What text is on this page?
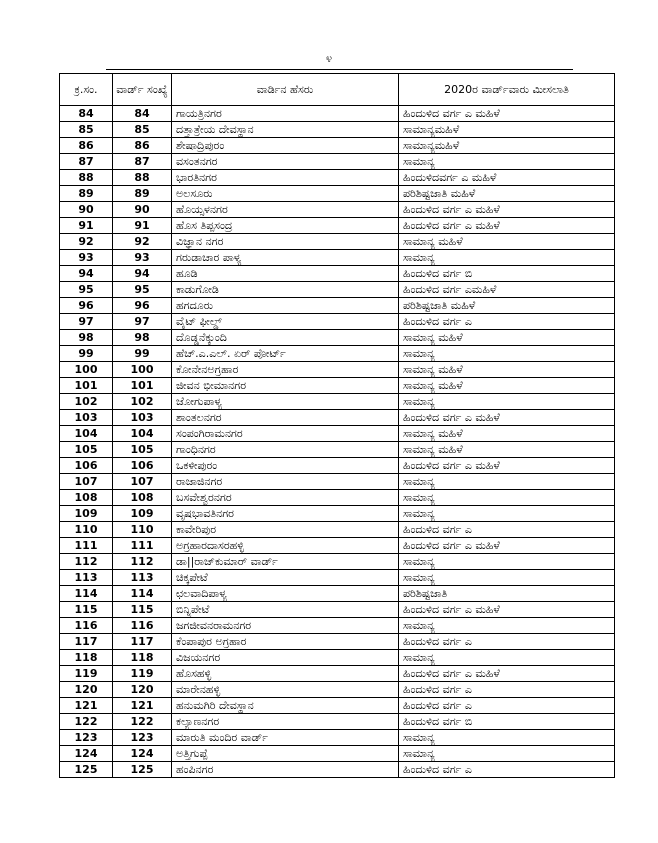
೪
ಕ್ರ.ಸಂ.	ವಾರ್ಡ್ ಸಂಖ್ಯೆ	ವಾರ್ಡಿನ ಹೆಸರು	2020ರ ವಾರ್ಡ್‌ವಾರು ಮೀಸಲಾತಿ
84	84	ಗಾಯತ್ರಿನಗರ	ಹಿಂದುಳಿದ ವರ್ಗ ಎ ಮಹಿಳೆ
85	85	ದತ್ತಾತ್ರೇಯ ದೇವಸ್ಥಾನ	ಸಾಮಾನ್ಯಮಹಿಳೆ
86	86	ಶೇಷಾದ್ರಿಪುರಂ	ಸಾಮಾನ್ಯಮಹಿಳೆ
87	87	ವಸಂತನಗರ	ಸಾಮಾನ್ಯ
88	88	ಭಾರತಿನಗರ	ಹಿಂದುಳಿದವರ್ಗ ಎ ಮಹಿಳೆ
89	89	ಅಲಸೂರು	ಪರಿಶಿಷ್ಟಜಾತಿ ಮಹಿಳೆ
90	90	ಹೊಯ್ಸಳನಗರ	ಹಿಂದುಳಿದ ವರ್ಗ ಎ ಮಹಿಳೆ
91	91	ಹೊಸ ತಿಪ್ಪಸಂದ್ರ	ಹಿಂದುಳಿದ ವರ್ಗ ಎ ಮಹಿಳೆ
92	92	ವಿಜ್ಞಾನ ನಗರ	ಸಾಮಾನ್ಯ ಮಹಿಳೆ
93	93	ಗರುಡಾಚಾರ ಪಾಳ್ಯ	ಸಾಮಾನ್ಯ
94	94	ಹೂಡಿ	ಹಿಂದುಳಿದ ವರ್ಗ ಬಿ
95	95	ಕಾಡುಗೋಡಿ	ಹಿಂದುಳಿದ ವರ್ಗ ಎಮಹಿಳೆ
96	96	ಹಗದೂರು	ಪರಿಶಿಷ್ಟಜಾತಿ ಮಹಿಳೆ
97	97	ವೈಟ್ ಫೀಲ್ಡ್	ಹಿಂದುಳಿದ ವರ್ಗ ಎ
98	98	ದೊಡ್ಡನೆಕ್ಕುಂದಿ	ಸಾಮಾನ್ಯ ಮಹಿಳೆ
99	99	ಹೆಚ್.ಎ.ಎಲ್. ಏರ್ ಪೋರ್ಟ್	ಸಾಮಾನ್ಯ
100	100	ಕೋನೇನಅಗ್ರಹಾರ	ಸಾಮಾನ್ಯ ಮಹಿಳೆ
101	101	ಜೀವನ ಭೀಮಾನಗರ	ಸಾಮಾನ್ಯ ಮಹಿಳೆ
102	102	ಜೋಗುಪಾಳ್ಯ	ಸಾಮಾನ್ಯ
103	103	ಶಾಂತಲನಗರ	ಹಿಂದುಳಿದ ವರ್ಗ ಎ ಮಹಿಳೆ
104	104	ಸಂಪಂಗಿರಾಮನಗರ	ಸಾಮಾನ್ಯ ಮಹಿಳೆ
105	105	ಗಾಂಧಿನಗರ	ಸಾಮಾನ್ಯ ಮಹಿಳೆ
106	106	ಒಕಳೀಪುರಂ	ಹಿಂದುಳಿದ ವರ್ಗ ಎ ಮಹಿಳೆ
107	107	ರಾಜಾಜಿನಗರ	ಸಾಮಾನ್ಯ
108	108	ಬಸವೇಶ್ವರನಗರ	ಸಾಮಾನ್ಯ
109	109	ವೃಷಭಾವತಿನಗರ	ಸಾಮಾನ್ಯ
110	110	ಕಾವೇರಿಪುರ	ಹಿಂದುಳಿದ ವರ್ಗ ಎ
111	111	ಅಗ್ರಹಾರದಾಸರಹಳ್ಳಿ	ಹಿಂದುಳಿದ ವರ್ಗ ಎ ಮಹಿಳೆ
112	112	ಡಾ||ರಾಜ್‌ಕುಮಾರ್ ವಾರ್ಡ್	ಸಾಮಾನ್ಯ
113	113	ಚಿಕ್ಕಪೇಟೆ	ಸಾಮಾನ್ಯ
114	114	ಛಲವಾದಿಪಾಳ್ಯ	ಪರಿಶಿಷ್ಟಜಾತಿ
115	115	ಬಿನ್ನಿಪೇಟೆ	ಹಿಂದುಳಿದ ವರ್ಗ ಎ ಮಹಿಳೆ
116	116	ಜಗಜೀವನರಾಮನಗರ	ಸಾಮಾನ್ಯ
117	117	ಕೆಂಪಾಪುರ ಅಗ್ರಹಾರ	ಹಿಂದುಳಿದ ವರ್ಗ ಎ
118	118	ವಿಜಯನಗರ	ಸಾಮಾನ್ಯ
119	119	ಹೊಸಹಳ್ಳಿ	ಹಿಂದುಳಿದ ವರ್ಗ ಎ ಮಹಿಳೆ
120	120	ಮಾರೇನಹಳ್ಳಿ	ಹಿಂದುಳಿದ ವರ್ಗ ಎ
121	121	ಹನುಮಗಿರಿ ದೇವಸ್ಥಾನ	ಹಿಂದುಳಿದ ವರ್ಗ ಎ
122	122	ಕಲ್ಯಾಣನಗರ	ಹಿಂದುಳಿದ ವರ್ಗ ಬಿ
123	123	ಮಾರುತಿ ಮಂದಿರ ವಾರ್ಡ್	ಸಾಮಾನ್ಯ
124	124	ಅತ್ತಿಗುಪ್ಪೆ	ಸಾಮಾನ್ಯ
125	125	ಹಂಪಿನಗರ	ಹಿಂದುಳಿದ ವರ್ಗ ಎ
